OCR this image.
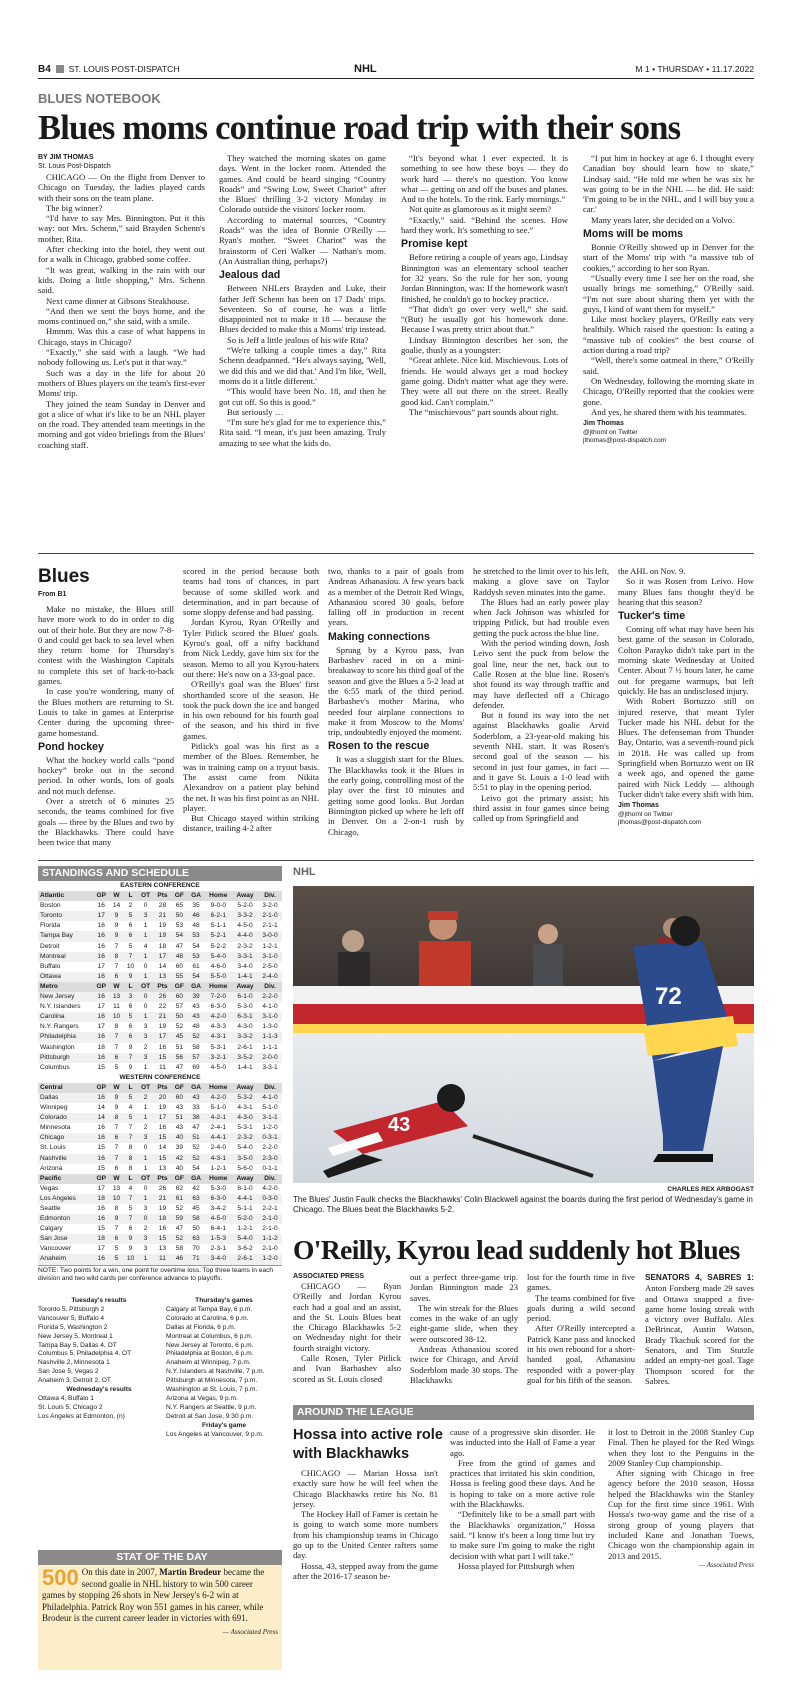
B4 ST. LOUIS POST-DISPATCH	NHL	M 1 • THURSDAY • 11.17.2022
BLUES NOTEBOOK
Blues moms continue road trip with their sons
BY JIM THOMAS
St. Louis Post-Dispatch

CHICAGO — On the flight from Denver to Chicago on Tuesday, the ladies played cards with their sons on the team plane.

The big winner?

“I'd have to say Mrs. Binnington. Put it this way: not Mrs. Schenn,” said Brayden Schenn's mother, Rita.

After checking into the hotel, they went out for a walk in Chicago, grabbed some coffee.

“It was great, walking in the rain with our kids. Doing a little shopping,” Mrs. Schenn said.

Next came dinner at Gibsons Steakhouse.

“And then we sent the boys home, and the moms continued on,” she said, with a smile.

Hmmm. Was this a case of what happens in Chicago, stays in Chicago?

“Exactly,” she said with a laugh. “We had nobody following us. Let's put it that way.”

Such was a day in the life for about 20 mothers of Blues players on the team's first-ever Moms' trip.

They joined the team Sunday in Denver and got a slice of what it's like to be an NHL player on the road. They attended team meetings in the morning and got video briefings from the Blues' coaching staff.

They watched the morning skates on game days. Went in the locker room. Attended the games. And could be heard singing “Country Roads” and “Swing Low, Sweet Chariot” after the Blues' thrilling 3-2 victory Monday in Colorado outside the visitors' locker room.

According to maternal sources, “Country Roads” was the idea of Bonnie O'Reilly — Ryan's mother. “Sweet Chariot” was the brainstorm of Ceri Walker — Nathan's mom. (An Australian thing, perhaps?)

Jealous dad

Between NHLers Brayden and Luke, their father Jeff Schenn has been on 17 Dads' trips. Seventeen. So of course, he was a little disappointed not to make it 18 — because the Blues decided to make this a Moms' trip instead.

So is Jeff a little jealous of his wife Rita?

“We're talking a couple times a day,” Rita Schenn deadpanned. “He's always saying, 'Well, we did this and we did that.' And I'm like, 'Well, moms do it a little different.'

“This would have been No. 18, and then he got cut off. So this is good.”

But seriously …

“I'm sure he's glad for me to experience this,” Rita said. “I mean, it's just been amazing. Truly amazing to see what the kids do.

“It's beyond what I ever expected. It is something to see how these boys — they do work hard — there's no question. You know what — getting on and off the buses and planes. And to the hotels. To the rink. Early mornings.”

Not quite as glamorous as it might seem?

“Exactly,” said. “Behind the scenes. How hard they work. It's something to see.”

Promise kept

Before retiring a couple of years ago, Lindsay Binnington was an elementary school teacher for 32 years. So the rule for her son, young Jordan Binnington, was: If the homework wasn't finished, he couldn't go to hockey practice.

“That didn't go over very well,” she said. “(But) he usually got his homework done. Because I was pretty strict about that.”

Lindsay Binnington describes her son, the goalie, thusly as a youngster:

“Great athlete. Nice kid. Mischievous. Lots of friends. He would always get a road hockey game going. Didn't matter what age they were. They were all out there on the street. Really good kid. Can't complain.”

The “mischievous” part sounds about right.

“I put him in hockey at age 6. I thought every Canadian boy should learn how to skate,” Lindsay said. “He told me when he was six he was going to be in the NHL — he did. He said: 'I'm going to be in the NHL, and I will buy you a car.'

Many years later, she decided on a Volvo.

Moms will be moms

Bonnie O'Reilly showed up in Denver for the start of the Moms' trip with “a massive tub of cookies,” according to her son Ryan.

“Usually every time I see her on the road, she usually brings me something,” O'Reilly said. “I'm not sure about sharing them yet with the guys, I kind of want them for myself.”

Like most hockey players, O'Reilly eats very healthily. Which raised the question: Is eating a “massive tub of cookies” the best course of action during a road trip?

“Well, there's some oatmeal in there,” O'Reilly said.

On Wednesday, following the morning skate in Chicago, O'Reilly reported that the cookies were gone.

And yes, he shared them with his teammates.

Jim Thomas
@jthoml on Twitter
jthomas@post-dispatch.com
Blues
From B1

Make no mistake, the Blues still have more work to do in order to dig out of their hole. But they are now 7-8-0 and could get back to sea level when they return home for Thursday's contest with the Washington Capitals to complete this set of back-to-back games.

In case you're wondering, many of the Blues mothers are returning to St. Louis to take in games at Enterprise Center during the upcoming three-game homestand.

Pond hockey

What the hockey world calls “pond hockey” broke out in the second period. In other words, lots of goals and not much defense.

Over a stretch of 6 minutes 25 seconds, the teams combined for five goals — three by the Blues and two by the Blackhawks. There could have been twice that many

scored in the period because both teams had tons of chances, in part because of some skilled work and determination, and in part because of some sloppy defense and bad passing.

Jordan Kyrou, Ryan O'Reilly and Tyler Pitlick scored the Blues' goals. Kyrou's goal, off a nifty backhand from Nick Leddy, gave him six for the season. Memo to all you Kyrou-haters out there: He's now on a 33-goal pace.

O'Reilly's goal was the Blues' first shorthanded score of the season. He took the puck down the ice and banged in his own rebound for his fourth goal of the season, and his third in five games.

Pitlick's goal was his first as a member of the Blues. Remember, he was in training camp on a tryout basis. The assist came from Nikita Alexandrov on a patient play behind the net. It was his first point as an NHL player.

But Chicago stayed within striking distance, trailing 4-2 after

two, thanks to a pair of goals from Andreas Athanasiou. A few years back as a member of the Detroit Red Wings, Athanasiou scored 30 goals, before falling off in production in recent years.

Making connections

Sprung by a Kyrou pass, Ivan Barbashev raced in on a mini-breakaway to score his third goal of the season and give the Blues a 5-2 lead at the 6:55 mark of the third period. Barbashev's mother Marina, who needed four airplane connections to make it from Moscow to the Moms' trip, undoubtedly enjoyed the moment.

Rosen to the rescue

It was a sluggish start for the Blues. The Blackhawks took it the Blues in the early going, controlling most of the play over the first 10 minutes and getting some good looks. But Jordan Binnington picked up where he left off in Denver. On a 2-on-1 rush by Chicago,

he stretched to the limit over to his left, making a glove save on Taylor Raddysh seven minutes into the game.

The Blues had an early power play when Jack Johnson was whistled for tripping Pitlick, but had trouble even getting the puck across the blue line.

With the period winding down, Josh Leivo sent the puck from below the goal line, near the net, back out to Calle Rosen at the blue line. Rosen's shot found its way through traffic and may have deflected off a Chicago defender.

But it found its way into the net against Blackhawks goalie Arvid Soderblom, a 23-year-old making his seventh NHL start. It was Rosen's second goal of the season — his second in just four games, in fact — and it gave St. Louis a 1-0 lead with 5:51 to play in the opening period.

Leivo got the primary assist; his third assist in four games since being called up from Springfield and

the AHL on Nov. 9.

So it was Rosen from Leivo. How many Blues fans thought they'd be hearing that this season?

Tucker's time

Coming off what may have been his best game of the season in Colorado, Colton Parayko didn't take part in the morning skate Wednesday at United Center. About 7 ½ hours later, he came out for pregame warmups, but left quickly. He has an undisclosed injury.

With Robert Bortuzzo still on injured reserve, that meant Tyler Tucker made his NHL debut for the Blues. The defenseman from Thunder Bay, Ontario, was a seventh-round pick in 2018. He was called up from Springfield when Bortuzzo went on IR a week ago, and opened the game paired with Nick Leddy — although Tucker didn't take every shift with him.

Jim Thomas
@jthoml on Twitter
jthomas@post-dispatch.com
STANDINGS AND SCHEDULE
EASTERN CONFERENCE										
Atlantic	GP	W	L	OT	Pts	GF	GA	Home	Away	Div.
Boston	16	14	2	0	28	65	35	9-0-0	5-2-0	3-2-0
Toronto	17	9	5	3	21	50	46	6-2-1	3-3-2	2-1-0
Florida	16	9	6	1	19	53	48	5-1-1	4-5-0	2-1-1
Tampa Bay	16	9	6	1	19	54	53	5-2-1	4-4-0	3-0-0
Detroit	16	7	5	4	18	47	54	5-2-2	2-3-2	1-2-1
Montreal	16	8	7	1	17	48	53	5-4-0	3-3-1	3-1-0
Buffalo	17	7	10	0	14	60	61	4-6-0	3-4-0	2-5-0
Ottawa	16	6	9	1	13	55	54	5-5-0	1-4-1	2-4-0
Metro	GP	W	L	OT	Pts	GF	GA	Home	Away	Div.
New Jersey	16	13	3	0	26	60	39	7-2-0	6-1-0	2-2-0
N.Y. Islanders	17	11	6	0	22	57	43	6-3-0	5-3-0	4-1-0
Carolina	16	10	5	1	21	50	43	4-2-0	6-3-1	3-1-0
N.Y. Rangers	17	8	6	3	19	52	48	4-3-3	4-3-0	1-3-0
Philadelphia	16	7	6	3	17	45	52	4-3-1	3-3-2	1-1-3
Washington	18	7	9	2	16	51	58	5-3-1	2-6-1	1-1-1
Pittsburgh	16	6	7	3	15	56	57	3-2-1	3-5-2	2-0-0
Columbus	15	5	9	1	11	47	69	4-5-0	1-4-1	3-3-1
WESTERN CONFERENCE										
Central	GP	W	L	OT	Pts	GF	GA	Home	Away	Div.
Dallas	16	9	5	2	20	60	43	4-2-0	5-3-2	4-1-0
Winnipeg	14	9	4	1	19	43	33	5-1-0	4-3-1	5-1-0
Colorado	14	8	5	1	17	51	38	4-2-1	4-3-0	3-1-1
Minnesota	16	7	7	2	16	43	47	2-4-1	5-3-1	1-2-0
Chicago	16	6	7	3	15	40	51	4-4-1	2-3-2	0-3-1
St. Louis	15	7	8	0	14	39	52	2-4-0	5-4-0	2-2-0
Nashville	16	7	8	1	15	42	52	4-3-1	3-5-0	2-3-0
Arizona	15	6	8	1	13	40	54	1-2-1	5-6-0	0-1-1
Pacific	GP	W	L	OT	Pts	GF	GA	Home	Away	Div.
Vegas	17	13	4	0	26	62	42	5-3-0	8-1-0	4-2-0
Los Angeles	18	10	7	1	21	61	63	6-3-0	4-4-1	0-3-0
Seattle	16	8	5	3	19	52	45	3-4-2	5-1-1	2-2-1
Edmonton	16	9	7	0	18	59	58	4-5-0	5-2-0	2-1-0
Calgary	15	7	6	2	16	47	50	6-4-1	1-2-1	2-1-0
San Jose	18	6	9	3	15	52	63	1-5-3	5-4-0	1-1-2
Vancouver	17	5	9	3	13	58	70	2-3-1	3-6-2	2-1-0
Anaheim	16	5	10	1	11	46	71	3-4-0	2-6-1	1-2-0
NOTE: Two points for a win, one point for overtime loss. Top three teams in each division and two wild cards per conference advance to playoffs.
Tuesday's results
Toronto 5, Pittsburgh 2
Vancouver 5, Buffalo 4
Florida 5, Washington 2
New Jersey 5, Montreal 1
Tampa Bay 5, Dallas 4, OT
Columbus 5, Philadelphia 4, OT
Nashville 2, Minnesota 1
San Jose 5, Vegas 2
Anaheim 3, Detroit 2, OT
Wednesday's results
Ottawa 4, Buffalo 1
St. Louis 5, Chicago 2
Los Angeles at Edmonton, (n)
Thursday's games
Calgary at Tampa Bay, 6 p.m.
Colorado at Carolina, 6 p.m.
Dallas at Florida, 6 p.m.
Montreal at Columbus, 6 p.m.
New Jersey at Toronto, 6 p.m.
Philadelphia at Boston, 6 p.m.
Anaheim at Winnipeg, 7 p.m.
N.Y. Islanders at Nashville, 7 p.m.
Pittsburgh at Minnesota, 7 p.m.
Washington at St. Louis, 7 p.m.
Arizona at Vegas, 9 p.m.
N.Y. Rangers at Seattle, 9 p.m.
Detroit at San Jose, 9:30 p.m.
Friday's game
Los Angeles at Vancouver, 9 p.m.
STAT OF THE DAY
500 On this date in 2007, Martin Brodeur became the second goalie in NHL history to win 500 career games by stopping 26 shots in New Jersey's 6-2 win at Philadelphia. Patrick Roy won 551 games in his career, while Brodeur is the current career leader in victories with 691.
— Associated Press
NHL
43
72
CHARLES REX ARBOGAST
The Blues' Justin Faulk checks the Blackhawks' Colin Blackwell against the boards during the first period of Wednesday's game in Chicago. The Blues beat the Blackhawks 5-2.
O'Reilly, Kyrou lead suddenly hot Blues
ASSOCIATED PRESS

CHICAGO — Ryan O'Reilly and Jordan Kyrou each had a goal and an assist, and the St. Louis Blues beat the Chicago Blackhawks 5-2 on Wednesday night for their fourth straight victory.

Calle Rosen, Tyler Pitlick and Ivan Barbashev also scored as St. Louis closed

out a perfect three-game trip. Jordan Binnington made 23 saves.

The win streak for the Blues comes in the wake of an ugly eight-game slide, when they were outscored 38-12.

Andreas Athanasiou scored twice for Chicago, and Arvid Soderblom made 30 stops. The Blackhawks

lost for the fourth time in five games.

The teams combined for five goals during a wild second period.

After O'Reilly intercepted a Patrick Kane pass and knocked in his own rebound for a short-handed goal, Athanasiou responded with a power-play goal for his fifth of the season.

SENATORS 4, SABRES 1: Anton Forsberg made 29 saves and Ottawa snapped a five-game home losing streak with a victory over Buffalo. Alex DeBrincat, Austin Watson, Brady Tkachuk scored for the Senators, and Tim Stutzle added an empty-net goal. Tage Thompson scored for the Sabres.

AROUND THE LEAGUE
Hossa into active role with Blackhawks

CHICAGO — Marian Hossa isn't exactly sure how he will feel when the Chicago Blackhawks retire his No. 81 jersey.

The Hockey Hall of Famer is certain he is going to watch some more numbers from his championship teams in Chicago go up to the United Center rafters some day.

Hossa, 43, stepped away from the game after the 2016-17 season be-

cause of a progressive skin disorder. He was inducted into the Hall of Fame a year ago.

Free from the grind of games and practices that irritated his skin condition, Hossa is feeling good these days. And he is hoping to take on a more active role with the Blackhawks.

“Definitely like to be a small part with the Blackhawks organization,” Hossa said. “I know it's been a long time but try to make sure I'm going to make the right decision with what part I will take.”

Hossa played for Pittsburgh when

it lost to Detroit in the 2008 Stanley Cup Final. Then he played for the Red Wings when they lost to the Penguins in the 2009 Stanley Cup championship.

After signing with Chicago in free agency before the 2010 season, Hossa helped the Blackhawks win the Stanley Cup for the first time since 1961. With Hossa's two-way game and the rise of a strong group of young players that included Kane and Jonathan Toews, Chicago won the championship again in 2013 and 2015.

— Associated Press
